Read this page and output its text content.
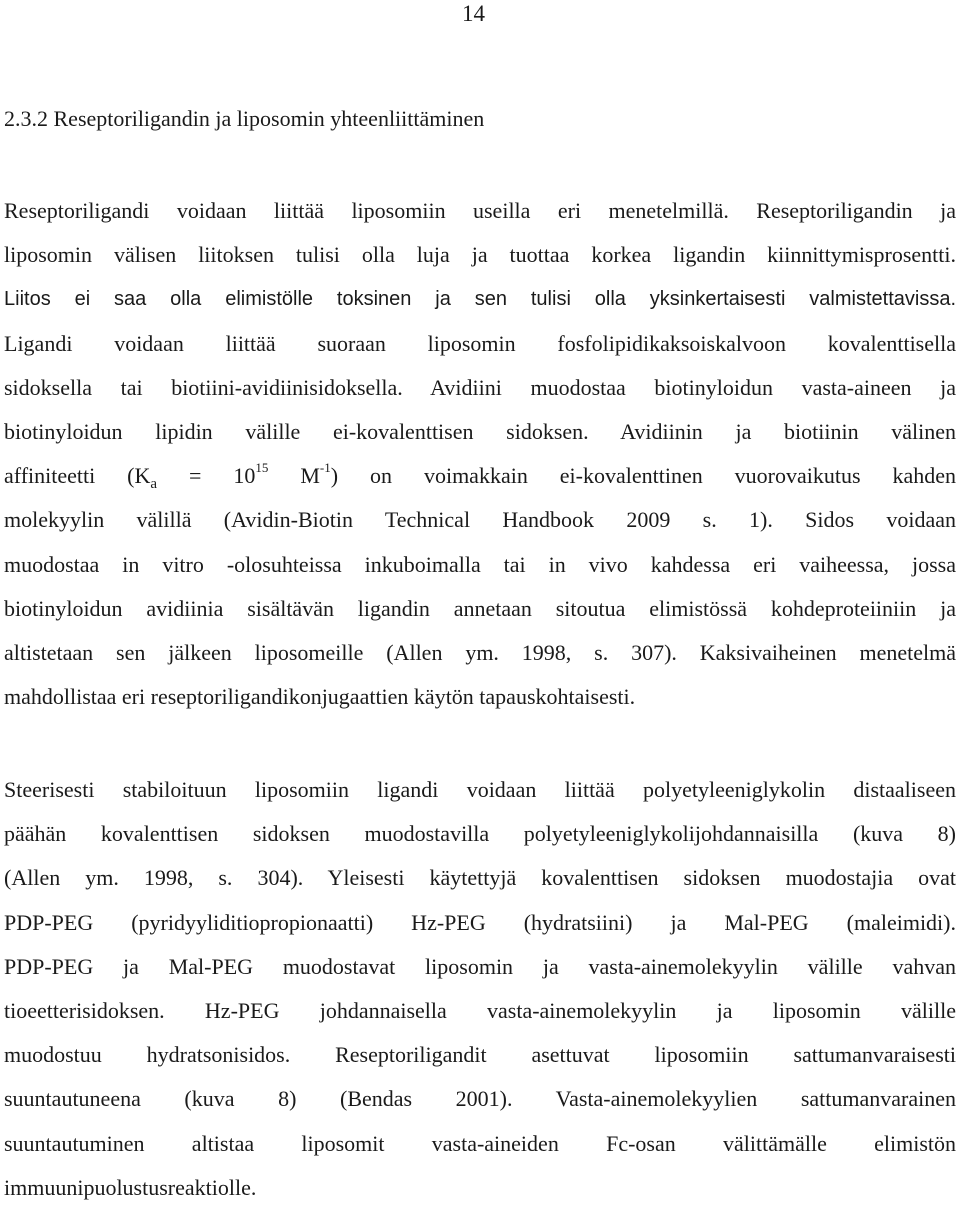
14
2.3.2 Reseptoriligandin ja liposomin yhteenliittäminen
Reseptoriligandi voidaan liittää liposomiin useilla eri menetelmillä. Reseptoriligandin ja
liposomin välisen liitoksen tulisi olla luja ja tuottaa korkea ligandin kiinnittymisprosentti.
Liitos ei saa olla elimistölle toksinen ja sen tulisi olla yksinkertaisesti valmistettavissa.
Ligandi voidaan liittää suoraan liposomin fosfolipidikaksoiskalvoon kovalenttisella
sidoksella tai biotiini-avidiinisidoksella. Avidiini muodostaa biotinyloidun vasta-aineen ja
biotinyloidun lipidin välille ei-kovalenttisen sidoksen. Avidiinin ja biotiinin välinen
affiniteetti ($K_a = 10^{15}$ $M^{-1}$) on voimakkain ei-kovalenttinen vuorovaikutus kahden
molekyylin välillä (Avidin-Biotin Technical Handbook 2009 s. 1). Sidos voidaan
muodostaa in vitro -olosuhteissa inkuboimalla tai in vivo kahdessa eri vaiheessa, jossa
biotinyloidun avidiinia sisältävän ligandin annetaan sitoutua elimistössä kohdeproteiiniin ja
altistetaan sen jälkeen liposomeille (Allen ym. 1998, s. 307). Kaksivaiheinen menetelmä
mahdollistaa eri reseptoriligandikonjugaattien käytön tapauskohtaisesti.
Steerisesti stabiloituun liposomiin ligandi voidaan liittää polyetyleeniglykolin distaaliseen
päähän kovalenttisen sidoksen muodostavilla polyetyleeniglykolijohdannaisilla (kuva 8)
(Allen ym. 1998, s. 304). Yleisesti käytettyjä kovalenttisen sidoksen muodostajia ovat
PDP-PEG (pyridyyliditiopropionaatti) Hz-PEG (hydratsiini) ja Mal-PEG (maleimidi).
PDP-PEG ja Mal-PEG muodostavat liposomin ja vasta-ainemolekyylin välille vahvan
tioeetterisidoksen. Hz-PEG johdannaisella vasta-ainemolekyylin ja liposomin välille
muodostuu hydratsonisidos. Reseptoriligandit asettuvat liposomiin sattumanvaraisesti
suuntautuneena (kuva 8) (Bendas 2001). Vasta-ainemolekyylien sattumanvarainen
suuntautuminen altistaa liposomit vasta-aineiden Fc-osan välittämälle elimistön
immuunipuolustusreaktiolle.
